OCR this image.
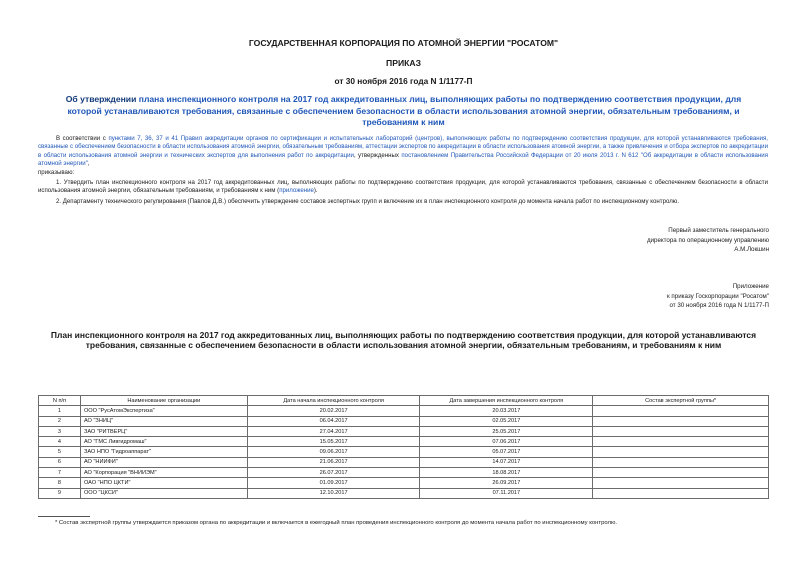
ГОСУДАРСТВЕННАЯ КОРПОРАЦИЯ ПО АТОМНОЙ ЭНЕРГИИ "РОСАТОМ"
ПРИКАЗ
от 30 ноября 2016 года N 1/1177-П
Об утверждении плана инспекционного контроля на 2017 год аккредитованных лиц, выполняющих работы по подтверждению соответствия продукции, для которой устанавливаются требования, связанные с обеспечением безопасности в области использования атомной энергии, обязательным требованиям, и требованиям к ним

В соответствии с пунктами 7, 36, 37 и 41 Правил аккредитации органов по сертификации и испытательных лабораторий (центров), выполняющих работы по подтверждению соответствия продукции, для которой устанавливаются требования, связанные с обеспечением безопасности в области использования атомной энергии, обязательным требованиям, аттестации экспертов по аккредитации в области использования атомной энергии, а также привлечения и отбора экспертов по аккредитации в области использования атомной энергии и технических экспертов для выполнения работ по аккредитации, утвержденных постановлением Правительства Российской Федерации от 20 июля 2013 г. N 612 "Об аккредитации в области использования атомной энергии",

приказываю:

1. Утвердить план инспекционного контроля на 2017 год аккредитованных лиц, выполняющих работы по подтверждению соответствия продукции, для которой устанавливаются требования, связанные с обеспечением безопасности в области использования атомной энергии, обязательным требованиям, и требованиям к ним (приложение).

2. Департаменту технического регулирования (Павлов Д.В.) обеспечить утверждение составов экспертных групп и включение их в план инспекционного контроля до момента начала работ по инспекционному контролю.

Первый заместитель генерального
директора по операционному управлению
А.М.Локшин
Приложение
к приказу Госкорпорации "Росатом"
от 30 ноября 2016 года N 1/1177-П
План инспекционного контроля на 2017 год аккредитованных лиц, выполняющих работы по подтверждению соответствия продукции, для которой устанавливаются требования, связанные с обеспечением безопасности в области использования атомной энергии, обязательным требованиям, и требованиям к ним
N п/п	Наименование организации	Дата начала инспекционного контроля	Дата завершения инспекционного контроля	Состав экспертной группы*
1	ООО "РусАтомЭкспертиза"	20.02.2017	20.03.2017	
2	АО "ЗНИЦ"	06.04.2017	02.05.2017	
3	ЗАО "РИТВЕРЦ"	27.04.2017	25.05.2017	
4	АО "ГМС Ливгидромаш"	15.05.2017	07.06.2017	
5	ЗАО НПО "Гидроаппарат"	09.06.2017	05.07.2017	
6	АО "НИИФИ"	21.06.2017	14.07.2017	
7	АО "Корпорация "ВНИИЭМ"	26.07.2017	18.08.2017	
8	ОАО "НПО ЦКТИ"	01.09.2017	26.09.2017	
9	ООО "ЦКСИ"	12.10.2017	07.11.2017	
* Состав экспертной группы утверждается приказом органа по аккредитации и включается в ежегодный план проведения инспекционного контроля до момента начала работ по инспекционному контролю.
